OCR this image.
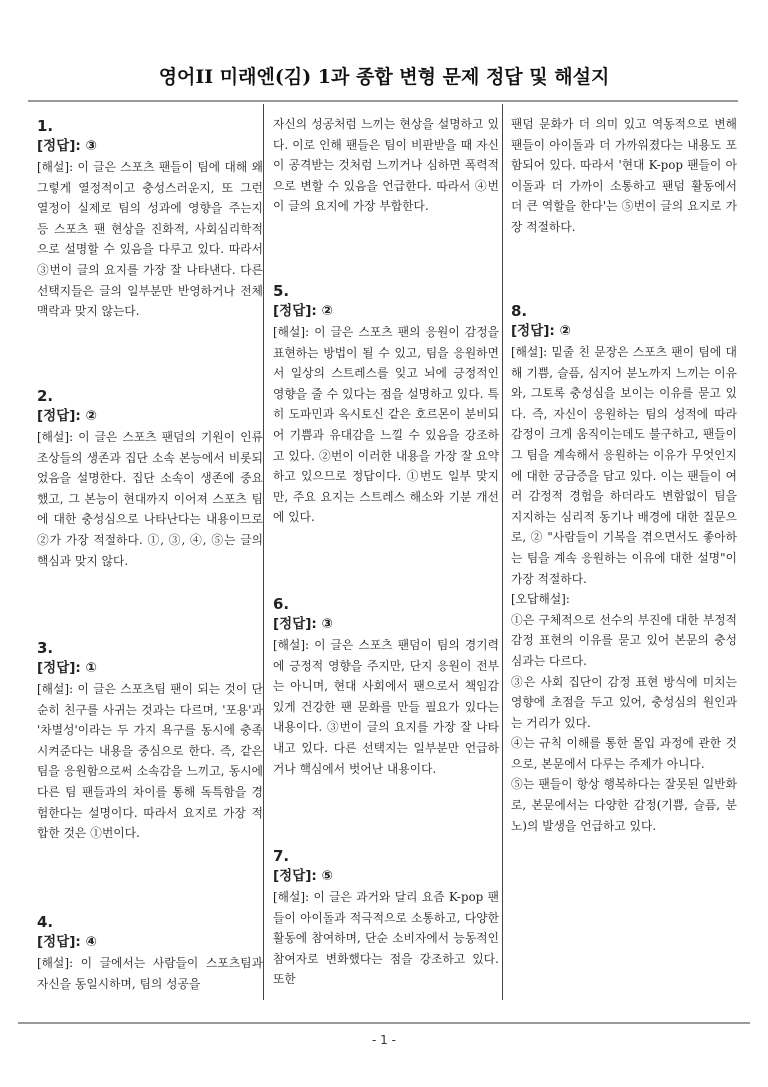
영어II 미래엔(김) 1과 종합 변형 문제 정답 및 해설지

1.

[정답]: ③

[해설]: 이 글은 스포츠 팬들이 팀에 대해 왜 그렇게 열정적이고 충성스러운지, 또 그런 열정이 실제로 팀의 성과에 영향을 주는지 등 스포츠 팬 현상을 진화적, 사회심리학적으로 설명할 수 있음을 다루고 있다. 따라서 ③번이 글의 요지를 가장 잘 나타낸다. 다른 선택지들은 글의 일부분만 반영하거나 전체 맥락과 맞지 않는다.

2.

[정답]: ②

[해설]: 이 글은 스포츠 팬덤의 기원이 인류 조상들의 생존과 집단 소속 본능에서 비롯되었음을 설명한다. 집단 소속이 생존에 중요했고, 그 본능이 현대까지 이어져 스포츠 팀에 대한 충성심으로 나타난다는 내용이므로 ②가 가장 적절하다. ①, ③, ④, ⑤는 글의 핵심과 맞지 않다.

3.

[정답]: ①

[해설]: 이 글은 스포츠팀 팬이 되는 것이 단순히 친구를 사귀는 것과는 다르며, '포용'과 '차별성'이라는 두 가지 욕구를 동시에 충족시켜준다는 내용을 중심으로 한다. 즉, 같은 팀을 응원함으로써 소속감을 느끼고, 동시에 다른 팀 팬들과의 차이를 통해 독특함을 경험한다는 설명이다. 따라서 요지로 가장 적합한 것은 ①번이다.

4.

[정답]: ④

[해설]: 이 글에서는 사람들이 스포츠팀과 자신을 동일시하며, 팀의 성공을

자신의 성공처럼 느끼는 현상을 설명하고 있다. 이로 인해 팬들은 팀이 비판받을 때 자신이 공격받는 것처럼 느끼거나 심하면 폭력적으로 변할 수 있음을 언급한다. 따라서 ④번이 글의 요지에 가장 부합한다.

5.

[정답]: ②

[해설]: 이 글은 스포츠 팬의 응원이 감정을 표현하는 방법이 될 수 있고, 팀을 응원하면서 일상의 스트레스를 잊고 뇌에 긍정적인 영향을 줄 수 있다는 점을 설명하고 있다. 특히 도파민과 옥시토신 같은 호르몬이 분비되어 기쁨과 유대감을 느낄 수 있음을 강조하고 있다. ②번이 이러한 내용을 가장 잘 요약하고 있으므로 정답이다. ①번도 일부 맞지만, 주요 요지는 스트레스 해소와 기분 개선에 있다.

6.

[정답]: ③

[해설]: 이 글은 스포츠 팬덤이 팀의 경기력에 긍정적 영향을 주지만, 단지 응원이 전부는 아니며, 현대 사회에서 팬으로서 책임감 있게 건강한 팬 문화를 만들 필요가 있다는 내용이다. ③번이 글의 요지를 가장 잘 나타내고 있다. 다른 선택지는 일부분만 언급하거나 핵심에서 벗어난 내용이다.

7.

[정답]: ⑤

[해설]: 이 글은 과거와 달리 요즘 K-pop 팬들이 아이돌과 적극적으로 소통하고, 다양한 활동에 참여하며, 단순 소비자에서 능동적인 참여자로 변화했다는 점을 강조하고 있다. 또한

팬덤 문화가 더 의미 있고 역동적으로 변해 팬들이 아이돌과 더 가까워졌다는 내용도 포함되어 있다. 따라서 '현대 K-pop 팬들이 아이돌과 더 가까이 소통하고 팬덤 활동에서 더 큰 역할을 한다'는 ⑤번이 글의 요지로 가장 적절하다.

8.

[정답]: ②

[해설]: 밑줄 친 문장은 스포츠 팬이 팀에 대해 기쁨, 슬픔, 심지어 분노까지 느끼는 이유와, 그토록 충성심을 보이는 이유를 묻고 있다. 즉, 자신이 응원하는 팀의 성적에 따라 감정이 크게 움직이는데도 불구하고, 팬들이 그 팀을 계속해서 응원하는 이유가 무엇인지에 대한 궁금증을 담고 있다. 이는 팬들이 여러 감정적 경험을 하더라도 변함없이 팀을 지지하는 심리적 동기나 배경에 대한 질문으로, ② "사람들이 기복을 겪으면서도 좋아하는 팀을 계속 응원하는 이유에 대한 설명"이 가장 적절하다.

[오답해설]:

①은 구체적으로 선수의 부진에 대한 부정적 감정 표현의 이유를 묻고 있어 본문의 충성심과는 다르다.

③은 사회 집단이 감정 표현 방식에 미치는 영향에 초점을 두고 있어, 충성심의 원인과는 거리가 있다.

④는 규칙 이해를 통한 몰입 과정에 관한 것으로, 본문에서 다루는 주제가 아니다.

⑤는 팬들이 항상 행복하다는 잘못된 일반화로, 본문에서는 다양한 감정(기쁨, 슬픔, 분노)의 발생을 언급하고 있다.

- 1 -
